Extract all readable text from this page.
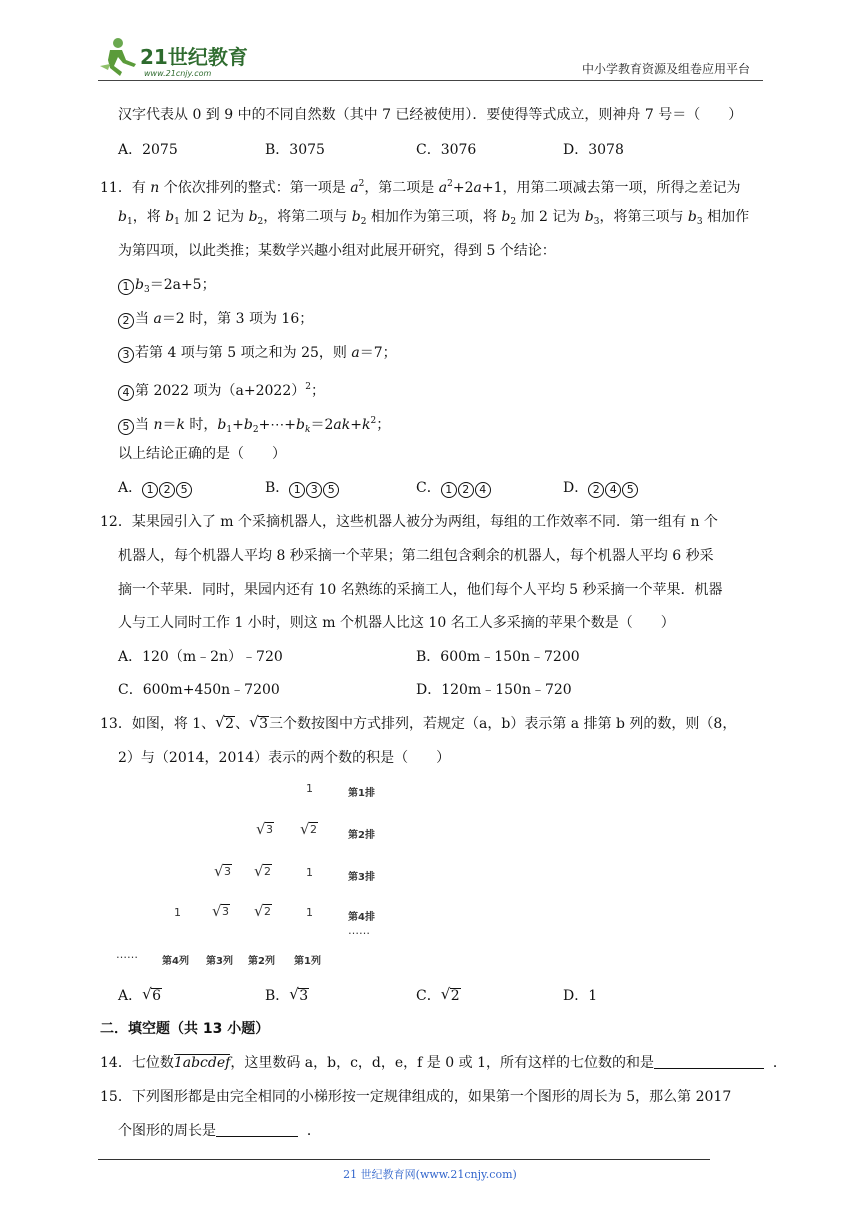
21世纪教育
www.21cnjy.com	中小学教育资源及组卷应用平台
汉字代表从 0 到 9 中的不同自然数（其中 7 已经被使用）．要使得等式成立，则神舟 7 号＝（　　）
A．2075	B．3075	C．3076	D．3078
11．有 n 个依次排列的整式：第一项是 $a^2$，第二项是 $a^2+2a+1$，用第二项减去第一项，所得之差记为
$b_1$，将 $b_1$ 加 2 记为 $b_2$，将第二项与 $b_2$ 相加作为第三项，将 $b_2$ 加 2 记为 $b_3$，将第三项与 $b_3$ 相加作
为第四项，以此类推；某数学兴趣小组对此展开研究，得到 5 个结论：
1 $b_3=2a+5$；
2 当 a＝2 时，第 3 项为 16；
3 若第 4 项与第 5 项之和为 25，则 a＝7；
4 第 2022 项为$(a+2022)^2$；
5 当 n＝k 时，$b_1+b_2+\cdots+b_k=2ak+k^2$；
以上结论正确的是（　　）
A． 1 2 5	B． 1 3 5	C． 1 2 4	D． 2 4 5
12．某果园引入了 m 个采摘机器人，这些机器人被分为两组，每组的工作效率不同．第一组有 n 个
机器人，每个机器人平均 8 秒采摘一个苹果；第二组包含剩余的机器人，每个机器人平均 6 秒采
摘一个苹果．同时，果园内还有 10 名熟练的采摘工人，他们每个人平均 5 秒采摘一个苹果．机器
人与工人同时工作 1 小时，则这 m 个机器人比这 10 名工人多采摘的苹果个数是（　　）
A．120（m﹣2n）﹣720	B．600m﹣150n﹣7200
C．600m+450n﹣7200	D．120m﹣150n﹣720
13．如图，将 1、 √ 2、 √ 3三个数按图中方式排列，若规定（a，b）表示第 a 排第 b 列的数，则（8，
2）与（2014，2014）表示的两个数的积是（　　）
1	第1排
√ 3 √ 2	第2排
√ 3 √ 2	1	第3排
1 √ 3 √ 2	1	第4排
……
……
第4列 第3列 第2列 第1列
A． √ 6	B． √ 3	C． √ 2	D．1
二．填空题（共 13 小题）
14．七位数1abcdef，这里数码 a，b，c，d，e，f 是 0 或 1，所有这样的七位数的和是	．
15．下列图形都是由完全相同的小梯形按一定规律组成的，如果第一个图形的周长为 5，那么第 2017
个图形的周长是	．
21 世纪教育网(www.21cnjy.com)
